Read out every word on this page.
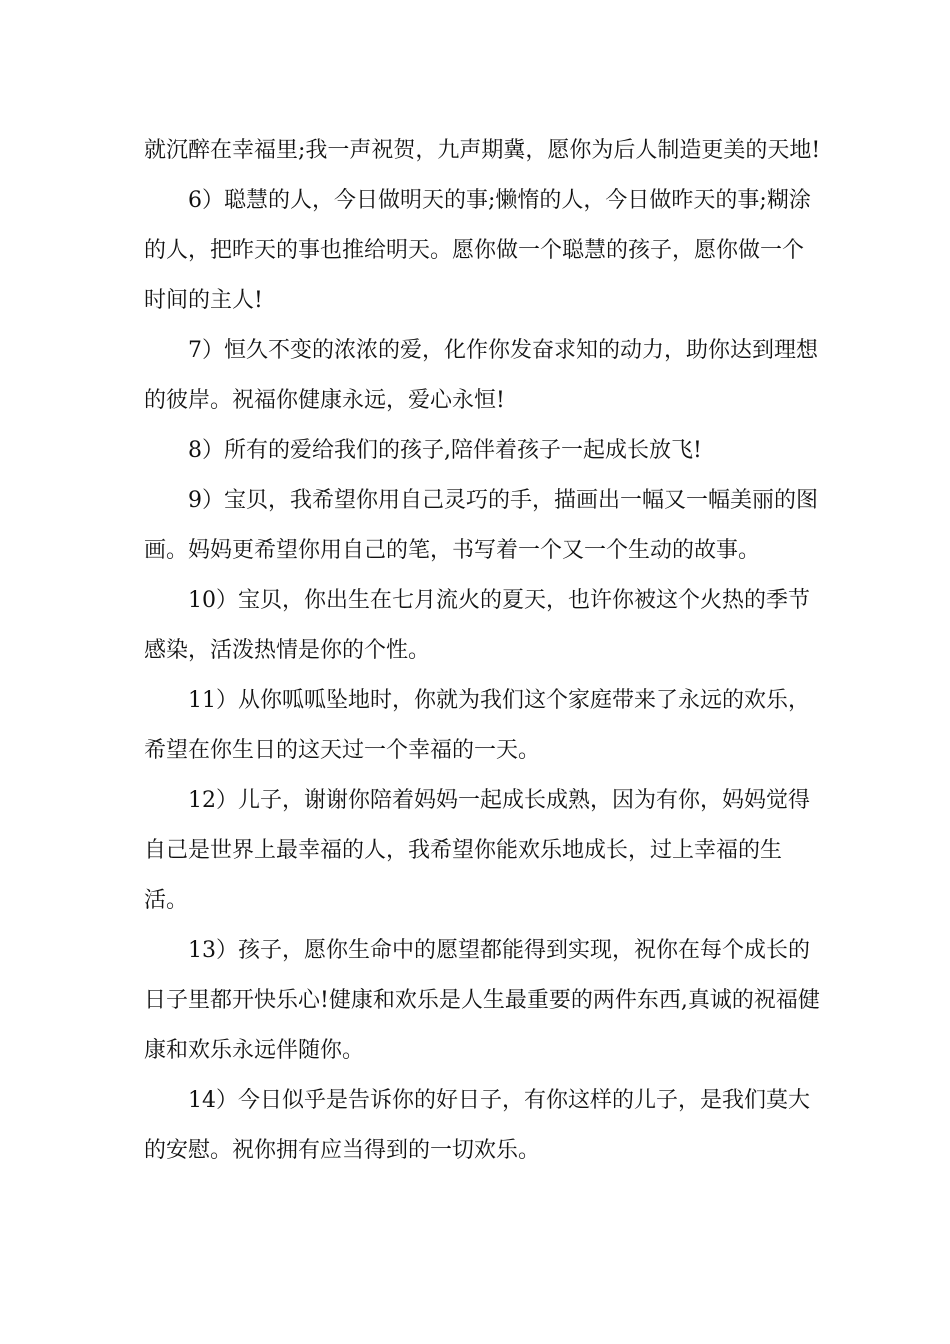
就沉醉在幸福里;我一声祝贺，九声期冀，愿你为后人制造更美的天地!

6）聪慧的人，今日做明天的事;懒惰的人，今日做昨天的事;糊涂的人，把昨天的事也推给明天。愿你做一个聪慧的孩子，愿你做一个时间的主人!

7）恒久不变的浓浓的爱，化作你发奋求知的动力，助你达到理想的彼岸。祝福你健康永远，爱心永恒!

8）所有的爱给我们的孩子,陪伴着孩子一起成长放飞!

9）宝贝，我希望你用自己灵巧的手，描画出一幅又一幅美丽的图画。妈妈更希望你用自己的笔，书写着一个又一个生动的故事。

10）宝贝，你出生在七月流火的夏天，也许你被这个火热的季节感染，活泼热情是你的个性。

11）从你呱呱坠地时，你就为我们这个家庭带来了永远的欢乐，希望在你生日的这天过一个幸福的一天。

12）儿子，谢谢你陪着妈妈一起成长成熟，因为有你，妈妈觉得自己是世界上最幸福的人，我希望你能欢乐地成长，过上幸福的生活。

13）孩子，愿你生命中的愿望都能得到实现，祝你在每个成长的日子里都开快乐心!健康和欢乐是人生最重要的两件东西,真诚的祝福健康和欢乐永远伴随你。

14）今日似乎是告诉你的好日子，有你这样的儿子，是我们莫大的安慰。祝你拥有应当得到的一切欢乐。
